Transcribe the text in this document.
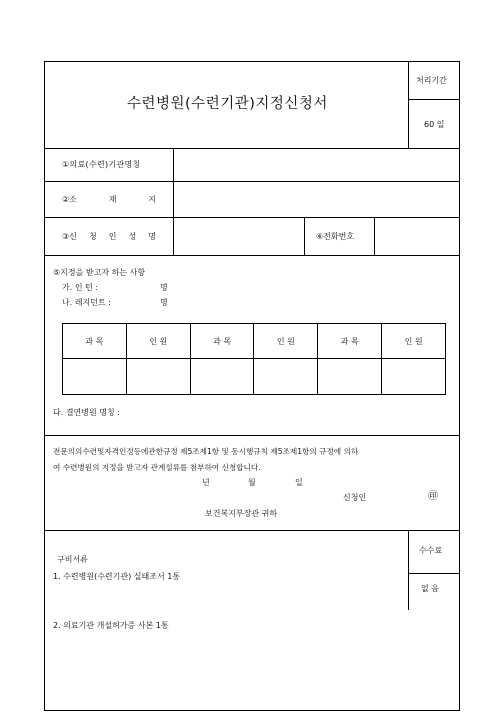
수련병원(수련기관)지정신청서
처리기간
60 일
①의료(수련)기관명칭
②소	재	지
③신 청 인 성 명	④전화번호
⑤지정을 받고자 하는 사항
가. 인 턴 :	명
나. 레지던트 :	명
과 목	인 원	과 목	인 원	과 목	인 원

다. 결연병원 명칭 :
전문의의수련및자격인정등에관한규정 제5조제1항 및 동시행규칙 제5조제1항의 규정에 의하
여 수련병원의 지정을 받고자 관계설류를 첨부하여 신청합니다.
년	월	일
신청인	㊞
보건복지부장관 귀하
구비서류
1. 수련병원(수련기관) 실태조서 1통
2. 의료기관 개설허가증 사본 1통
수수료
없 음
